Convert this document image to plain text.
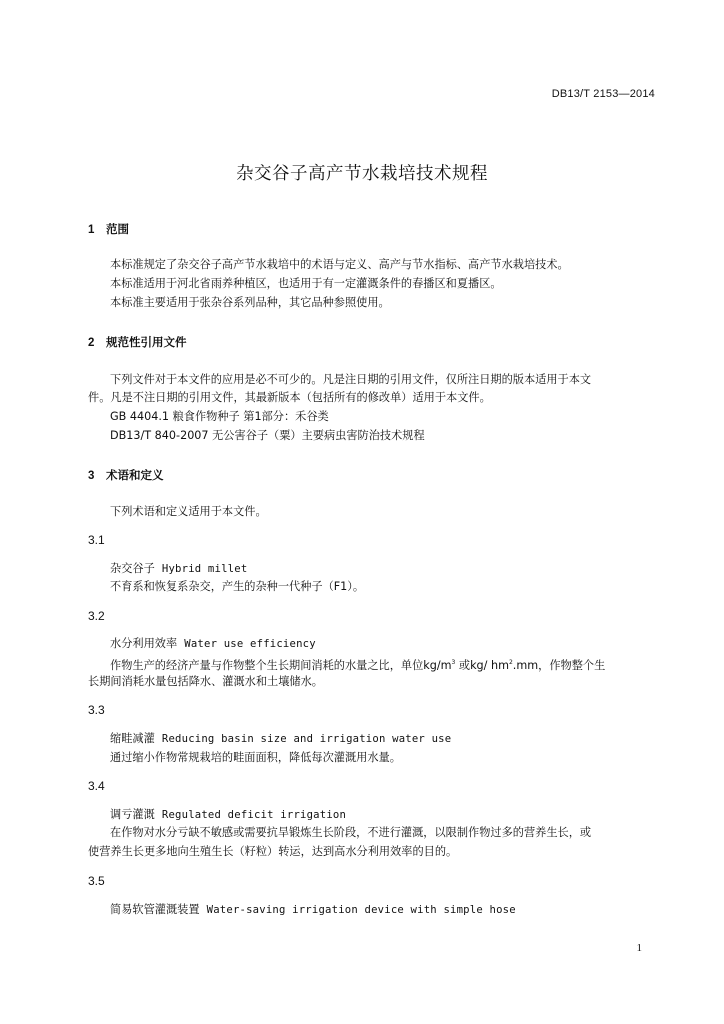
DB13/T 2153—2014
杂交谷子高产节水栽培技术规程
1 范围
本标准规定了杂交谷子高产节水栽培中的术语与定义、高产与节水指标、高产节水栽培技术。
本标准适用于河北省雨养种植区，也适用于有一定灌溉条件的春播区和夏播区。
本标准主要适用于张杂谷系列品种，其它品种参照使用。
2 规范性引用文件
下列文件对于本文件的应用是必不可少的。凡是注日期的引用文件，仅所注日期的版本适用于本文
件。凡是不注日期的引用文件，其最新版本（包括所有的修改单）适用于本文件。
GB 4404.1 粮食作物种子 第1部分：禾谷类
DB13/T 840-2007 无公害谷子（粟）主要病虫害防治技术规程
3 术语和定义
下列术语和定义适用于本文件。
3.1
杂交谷子 Hybrid millet
不育系和恢复系杂交，产生的杂种一代种子（F1）。
3.2
水分利用效率 Water use efficiency
作物生产的经济产量与作物整个生长期间消耗的水量之比，单位$kg/m^3$ 或kg/ $hm^2.mm$，作物整个生
长期间消耗水量包括降水、灌溉水和土壤储水。
3.3
缩畦减灌 Reducing basin size and irrigation water use
通过缩小作物常规栽培的畦面面积，降低每次灌溉用水量。
3.4
调亏灌溉 Regulated deficit irrigation
在作物对水分亏缺不敏感或需要抗旱锻炼生长阶段，不进行灌溉，以限制作物过多的营养生长，或
使营养生长更多地向生殖生长（籽粒）转运，达到高水分利用效率的目的。
3.5
简易软管灌溉装置 Water-saving irrigation device with simple hose
1
